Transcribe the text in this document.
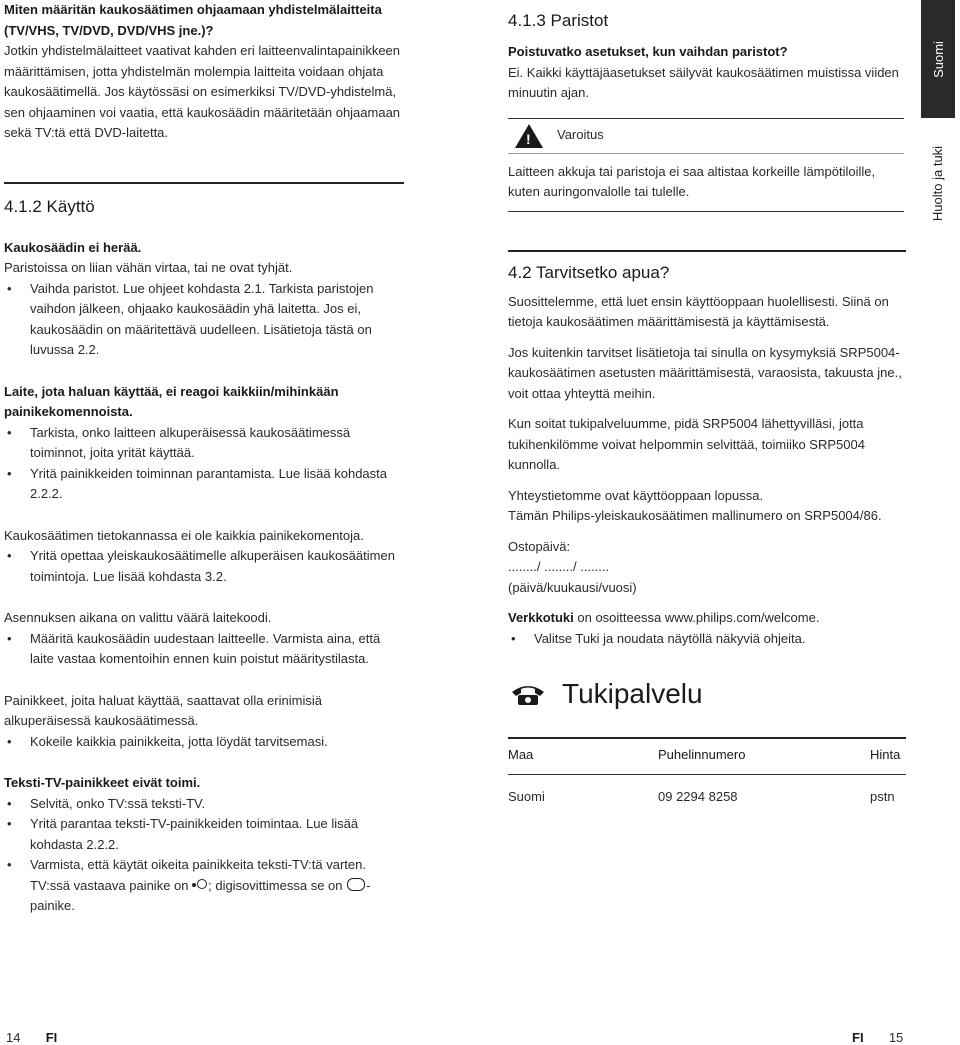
Miten määritän kaukosäätimen ohjaamaan yhdistelmälaitteita (TV/VHS, TV/DVD, DVD/VHS jne.)?

Jotkin yhdistelmälaitteet vaativat kahden eri laitteenvalintapainikkeen määrittämisen, jotta yhdistelmän molempia laitteita voidaan ohjata kaukosäätimellä. Jos käytössäsi on esimerkiksi TV/DVD-yhdistelmä, sen ohjaaminen voi vaatia, että kaukosäädin määritetään ohjaamaan sekä TV:tä että DVD-laitetta.

4.1.2 Käyttö

Kaukosäädin ei herää.

Paristoissa on liian vähän virtaa, tai ne ovat tyhjät.

• Vaihda paristot. Lue ohjeet kohdasta 2.1. Tarkista paristojen vaihdon jälkeen, ohjaako kaukosäädin yhä laitetta. Jos ei, kaukosäädin on määritettävä uudelleen. Lisätietoja tästä on luvussa 2.2.

Laite, jota haluan käyttää, ei reagoi kaikkiin/mihinkään painikekomennoista.

• Tarkista, onko laitteen alkuperäisessä kaukosäätimessä toiminnot, joita yrität käyttää.
• Yritä painikkeiden toiminnan parantamista. Lue lisää kohdasta 2.2.2.

Kaukosäätimen tietokannassa ei ole kaikkia painikekomentoja.

• Yritä opettaa yleiskaukosäätimelle alkuperäisen kaukosäätimen toimintoja. Lue lisää kohdasta 3.2.

Asennuksen aikana on valittu väärä laitekoodi.

• Määritä kaukosäädin uudestaan laitteelle. Varmista aina, että laite vastaa komentoihin ennen kuin poistut määritystilasta.

Painikkeet, joita haluat käyttää, saattavat olla erinimisiä alkuperäisessä kaukosäätimessä.

• Kokeile kaikkia painikkeita, jotta löydät tarvitsemasi.

Teksti-TV-painikkeet eivät toimi.

• Selvitä, onko TV:ssä teksti-TV.
• Yritä parantaa teksti-TV-painikkeiden toimintaa. Lue lisää kohdasta 2.2.2.
• Varmista, että käytät oikeita painikkeita teksti-TV:tä varten. TV:ssä vastaava painike on
; digisovittimessa se on -painike.

4.1.3 Paristot

Poistuvatko asetukset, kun vaihdan paristot?

Ei. Kaikki käyttäjäasetukset säilyvät kaukosäätimen muistissa viiden minuutin ajan.

! Varoitus

Laitteen akkuja tai paristoja ei saa altistaa korkeille lämpötiloille, kuten auringonvalolle tai tulelle.

4.2 Tarvitsetko apua?

Suosittelemme, että luet ensin käyttöoppaan huolellisesti. Siinä on tietoja kaukosäätimen määrittämisestä ja käyttämisestä.

Jos kuitenkin tarvitset lisätietoja tai sinulla on kysymyksiä SRP5004-kaukosäätimen asetusten määrittämisestä, varaosista, takuusta jne., voit ottaa yhteyttä meihin.

Kun soitat tukipalveluumme, pidä SRP5004 lähettyvilläsi, jotta tukihenkilömme voivat helpommin selvittää, toimiiko SRP5004 kunnolla.

Yhteystietomme ovat käyttöoppaan lopussa.

Tämän Philips-yleiskaukosäätimen mallinumero on SRP5004/86.

Ostopäivä:

......../ ......../ ........

(päivä/kuukausi/vuosi)

Verkkotuki on osoitteessa www.philips.com/welcome.

• Valitse Tuki ja noudata näytöllä näkyviä ohjeita.
Tukipalvelu
Maa	Puhelinnumero	Hinta
Suomi	09 2294 8258	pstn
Suomi
Huolto ja tuki
14 FI	FI 15
